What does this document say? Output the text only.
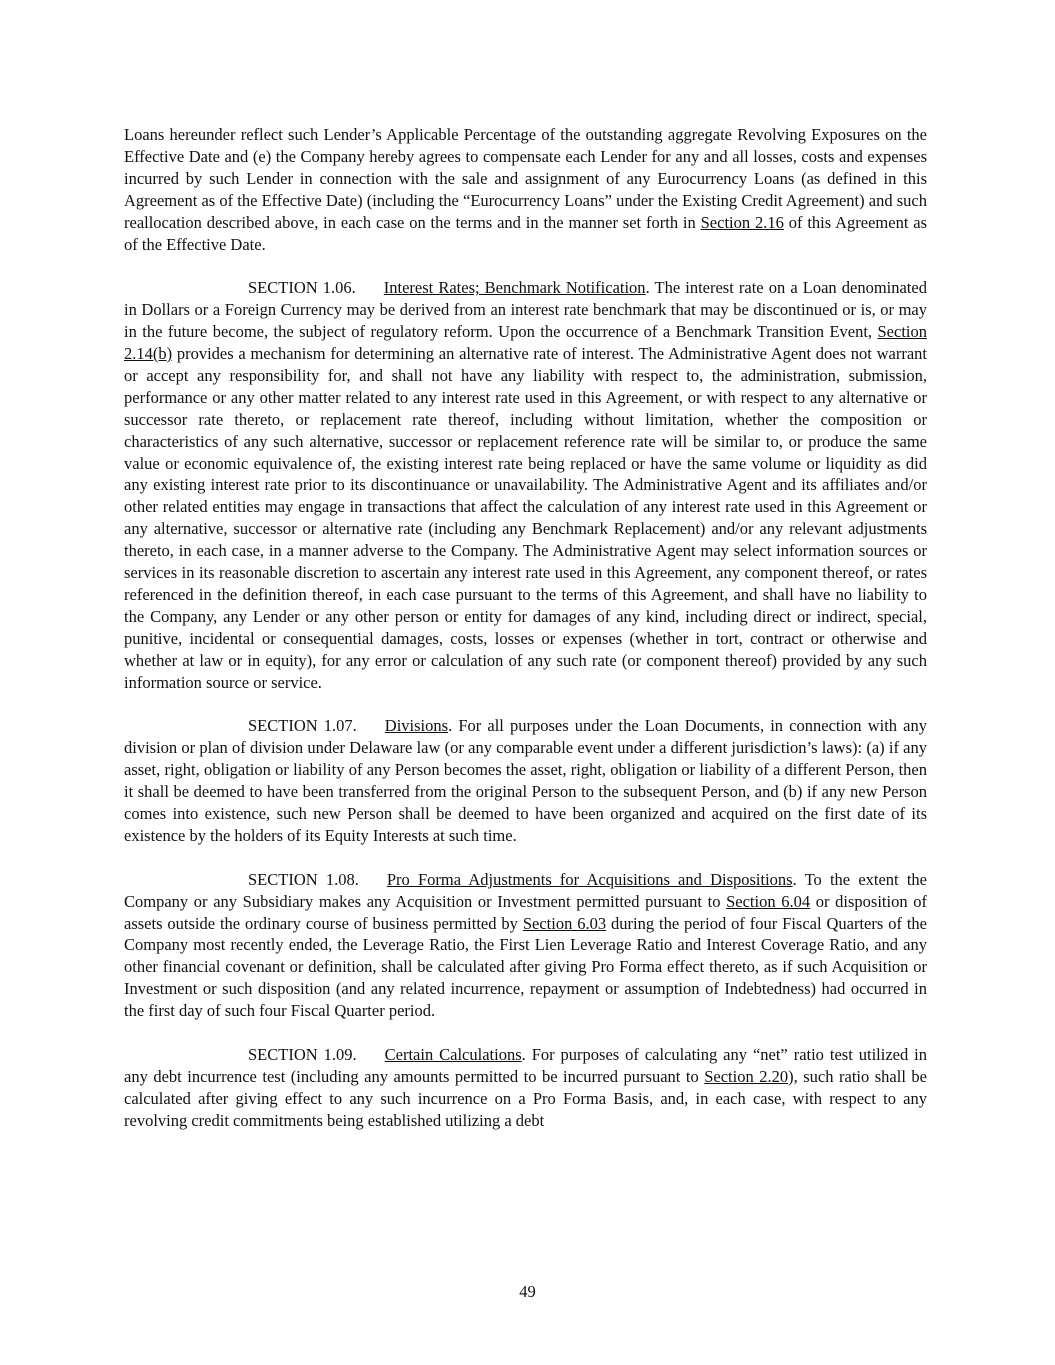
Loans hereunder reflect such Lender’s Applicable Percentage of the outstanding aggregate Revolving Exposures on the Effective Date and (e) the Company hereby agrees to compensate each Lender for any and all losses, costs and expenses incurred by such Lender in connection with the sale and assignment of any Eurocurrency Loans (as defined in this Agreement as of the Effective Date) (including the “Eurocurrency Loans” under the Existing Credit Agreement) and such reallocation described above, in each case on the terms and in the manner set forth in Section 2.16 of this Agreement as of the Effective Date.

SECTION 1.06. Interest Rates; Benchmark Notification. The interest rate on a Loan denominated in Dollars or a Foreign Currency may be derived from an interest rate benchmark that may be discontinued or is, or may in the future become, the subject of regulatory reform. Upon the occurrence of a Benchmark Transition Event, Section 2.14(b) provides a mechanism for determining an alternative rate of interest. The Administrative Agent does not warrant or accept any responsibility for, and shall not have any liability with respect to, the administration, submission, performance or any other matter related to any interest rate used in this Agreement, or with respect to any alternative or successor rate thereto, or replacement rate thereof, including without limitation, whether the composition or characteristics of any such alternative, successor or replacement reference rate will be similar to, or produce the same value or economic equivalence of, the existing interest rate being replaced or have the same volume or liquidity as did any existing interest rate prior to its discontinuance or unavailability. The Administrative Agent and its affiliates and/or other related entities may engage in transactions that affect the calculation of any interest rate used in this Agreement or any alternative, successor or alternative rate (including any Benchmark Replacement) and/or any relevant adjustments thereto, in each case, in a manner adverse to the Company. The Administrative Agent may select information sources or services in its reasonable discretion to ascertain any interest rate used in this Agreement, any component thereof, or rates referenced in the definition thereof, in each case pursuant to the terms of this Agreement, and shall have no liability to the Company, any Lender or any other person or entity for damages of any kind, including direct or indirect, special, punitive, incidental or consequential damages, costs, losses or expenses (whether in tort, contract or otherwise and whether at law or in equity), for any error or calculation of any such rate (or component thereof) provided by any such information source or service.

SECTION 1.07. Divisions. For all purposes under the Loan Documents, in connection with any division or plan of division under Delaware law (or any comparable event under a different jurisdiction’s laws): (a) if any asset, right, obligation or liability of any Person becomes the asset, right, obligation or liability of a different Person, then it shall be deemed to have been transferred from the original Person to the subsequent Person, and (b) if any new Person comes into existence, such new Person shall be deemed to have been organized and acquired on the first date of its existence by the holders of its Equity Interests at such time.

SECTION 1.08. Pro Forma Adjustments for Acquisitions and Dispositions. To the extent the Company or any Subsidiary makes any Acquisition or Investment permitted pursuant to Section 6.04 or disposition of assets outside the ordinary course of business permitted by Section 6.03 during the period of four Fiscal Quarters of the Company most recently ended, the Leverage Ratio, the First Lien Leverage Ratio and Interest Coverage Ratio, and any other financial covenant or definition, shall be calculated after giving Pro Forma effect thereto, as if such Acquisition or Investment or such disposition (and any related incurrence, repayment or assumption of Indebtedness) had occurred in the first day of such four Fiscal Quarter period.

SECTION 1.09. Certain Calculations. For purposes of calculating any “net” ratio test utilized in any debt incurrence test (including any amounts permitted to be incurred pursuant to Section 2.20), such ratio shall be calculated after giving effect to any such incurrence on a Pro Forma Basis, and, in each case, with respect to any revolving credit commitments being established utilizing a debt

49
